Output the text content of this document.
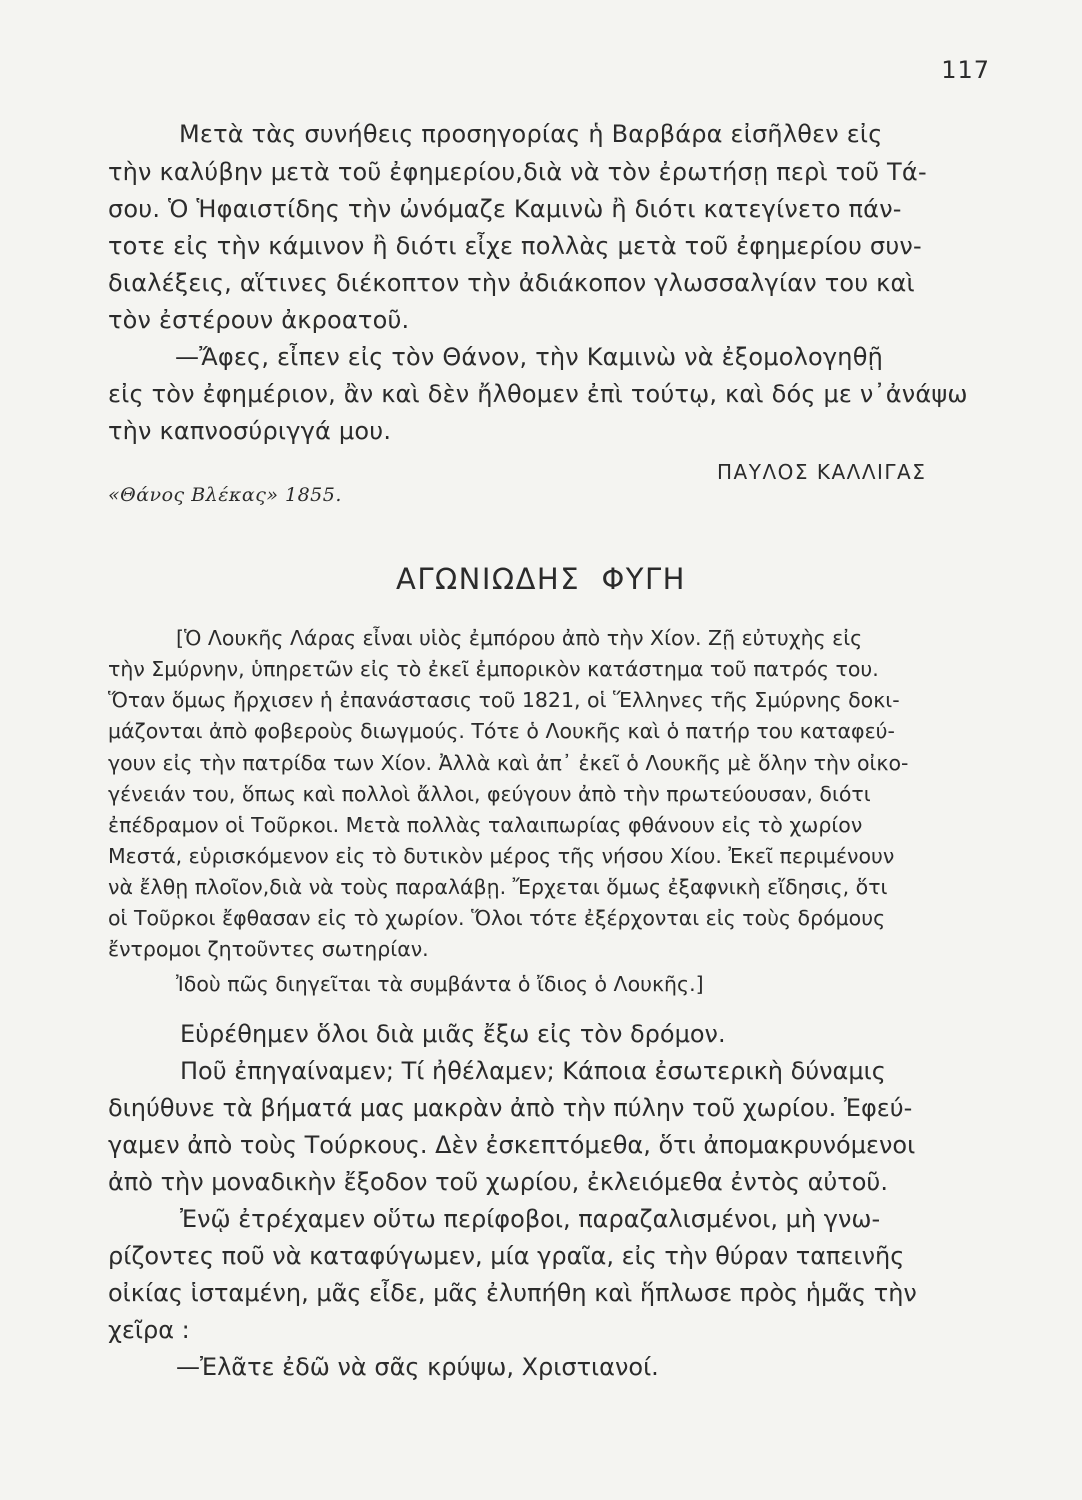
117
Μετὰ τὰς συνήθεις προσηγορίας ἡ Βαρβάρα εἰσῆλθεν εἰς
τὴν καλύβην μετὰ τοῦ ἐφημερίου,διὰ νὰ τὸν ἐρωτήσῃ περὶ τοῦ Τά-
σου. Ὁ Ἡφαιστίδης τὴν ὠνόμαζε Καμινὼ ἢ διότι κατεγίνετο πάν-
τοτε εἰς τὴν κάμινον ἢ διότι εἶχε πολλὰς μετὰ τοῦ ἐφημερίου συν-
διαλέξεις, αἵτινες διέκοπτον τὴν ἀδιάκοπον γλωσσαλγίαν του καὶ
τὸν ἐστέρουν ἀκροατοῦ.
—Ἄφες, εἶπεν εἰς τὸν Θάνον, τὴν Καμινὼ νὰ ἐξομολογηθῇ
εἰς τὸν ἐφημέριον, ἂν καὶ δὲν ἤλθομεν ἐπὶ τούτῳ, καὶ δός με ν᾽ἀνάψω
τὴν καπνοσύριγγά μου.
ΠΑΥΛΟΣ ΚΑΛΛΙΓΑΣ
«Θάνος Βλέκας» 1855.
ΑΓΩΝΙΩΔΗΣ  ΦΥΓΗ
[Ὁ Λουκῆς Λάρας εἶναι υἱὸς ἐμπόρου ἀπὸ τὴν Χίον. Ζῇ εὐτυχὴς εἰς
τὴν Σμύρνην, ὑπηρετῶν εἰς τὸ ἐκεῖ ἐμπορικὸν κατάστημα τοῦ πατρός του.
Ὅταν ὅμως ἤρχισεν ἡ ἐπανάστασις τοῦ 1821, οἱ Ἕλληνες τῆς Σμύρνης δοκι-
μάζονται ἀπὸ φοβεροὺς διωγμούς. Τότε ὁ Λουκῆς καὶ ὁ πατήρ του καταφεύ-
γουν εἰς τὴν πατρίδα των Χίον. Ἀλλὰ καὶ ἀπ᾽ ἐκεῖ ὁ Λουκῆς μὲ ὅλην τὴν οἰκο-
γένειάν του, ὅπως καὶ πολλοὶ ἄλλοι, φεύγουν ἀπὸ τὴν πρωτεύουσαν, διότι
ἐπέδραμον οἱ Τοῦρκοι. Μετὰ πολλὰς ταλαιπωρίας φθάνουν εἰς τὸ χωρίον
Μεστά, εὑρισκόμενον εἰς τὸ δυτικὸν μέρος τῆς νήσου Χίου. Ἐκεῖ περιμένουν
νὰ ἔλθῃ πλοῖον,διὰ νὰ τοὺς παραλάβῃ. Ἔρχεται ὅμως ἐξαφνικὴ εἴδησις, ὅτι
οἱ Τοῦρκοι ἔφθασαν εἰς τὸ χωρίον. Ὅλοι τότε ἐξέρχονται εἰς τοὺς δρόμους
ἔντρομοι ζητοῦντες σωτηρίαν.
Ἰδοὺ πῶς διηγεῖται τὰ συμβάντα ὁ ἴδιος ὁ Λουκῆς.]
Εὑρέθημεν ὅλοι διὰ μιᾶς ἔξω εἰς τὸν δρόμον.
Ποῦ ἐπηγαίναμεν; Τί ἠθέλαμεν; Κάποια ἐσωτερικὴ δύναμις
διηύθυνε τὰ βήματά μας μακρὰν ἀπὸ τὴν πύλην τοῦ χωρίου. Ἐφεύ-
γαμεν ἀπὸ τοὺς Τούρκους. Δὲν ἐσκεπτόμεθα, ὅτι ἀπομακρυνόμενοι
ἀπὸ τὴν μοναδικὴν ἔξοδον τοῦ χωρίου, ἐκλειόμεθα ἐντὸς αὐτοῦ.
Ἐνῷ ἐτρέχαμεν οὕτω περίφοβοι, παραζαλισμένοι, μὴ γνω-
ρίζοντες ποῦ νὰ καταφύγωμεν, μία γραῖα, εἰς τὴν θύραν ταπεινῆς
οἰκίας ἱσταμένη, μᾶς εἶδε, μᾶς ἐλυπήθη καὶ ἥπλωσε πρὸς ἡμᾶς τὴν
χεῖρα :
—Ἐλᾶτε ἐδῶ νὰ σᾶς κρύψω, Χριστιανοί.
